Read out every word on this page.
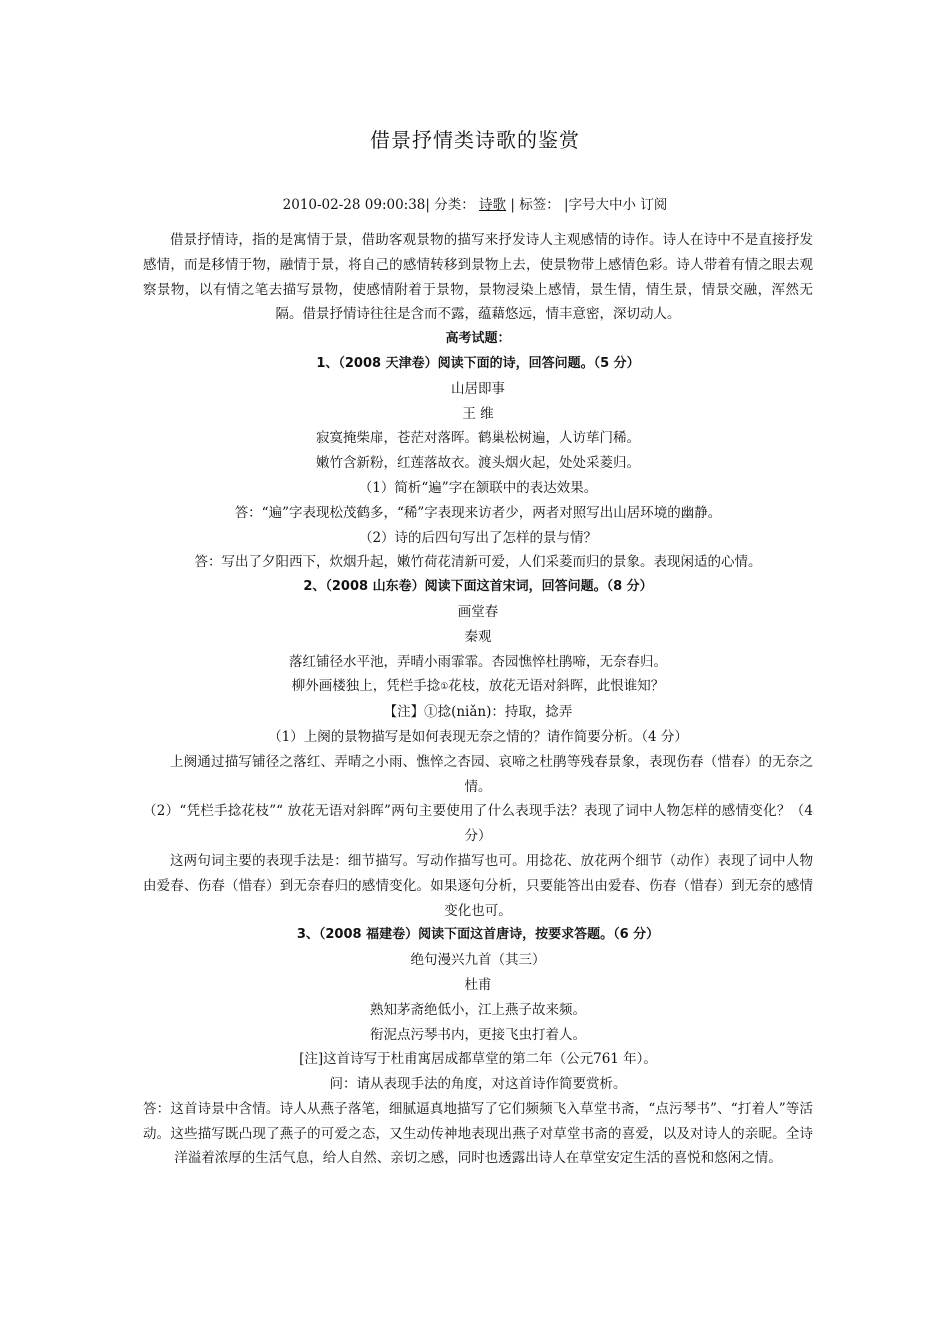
借景抒情类诗歌的鉴赏
2010-02-28 09:00:38| 分类： 诗歌 | 标签： |字号大中小 订阅

借景抒情诗，指的是寓情于景，借助客观景物的描写来抒发诗人主观感情的诗作。诗人在诗中不是直接抒发感情，而是移情于物，融情于景，将自己的感情转移到景物上去，使景物带上感情色彩。诗人带着有情之眼去观察景物，以有情之笔去描写景物，使感情附着于景物，景物浸染上感情，景生情，情生景，情景交融，浑然无隔。借景抒情诗往往是含而不露，蕴藉悠远，情丰意密，深切动人。

高考试题：

1、（2008 天津卷）阅读下面的诗，回答问题。（5 分）

山居即事

王 维

寂寞掩柴扉，苍茫对落晖。鹤巢松树遍，人访荜门稀。

嫩竹含新粉，红莲落故衣。渡头烟火起，处处采菱归。

（1）简析“遍”字在颔联中的表达效果。

答：“遍”字表现松茂鹤多，“稀”字表现来访者少，两者对照写出山居环境的幽静。

（2）诗的后四句写出了怎样的景与情？

答：写出了夕阳西下，炊烟升起，嫩竹荷花清新可爱，人们采菱而归的景象。表现闲适的心情。

2、（2008 山东卷）阅读下面这首宋词，回答问题。（8 分）

画堂春

秦观

落红铺径水平池，弄晴小雨霏霏。杏园憔悴杜鹃啼，无奈春归。

柳外画楼独上，凭栏手捻①花枝，放花无语对斜晖，此恨谁知？

【注】①捻(niǎn)：持取，捻弄

（1）上阕的景物描写是如何表现无奈之情的？请作简要分析。（4 分）

上阕通过描写铺径之落红、弄晴之小雨、憔悴之杏园、哀啼之杜鹃等残春景象，表现伤春（惜春）的无奈之情。

（2）“凭栏手捻花枝”“ 放花无语对斜晖”两句主要使用了什么表现手法？表现了词中人物怎样的感情变化？（4 分）

这两句词主要的表现手法是：细节描写。写动作描写也可。用捻花、放花两个细节（动作）表现了词中人物由爱春、伤春（惜春）到无奈春归的感情变化。如果逐句分析，只要能答出由爱春、伤春（惜春）到无奈的感情变化也可。

3、（2008 福建卷）阅读下面这首唐诗，按要求答题。（6 分）

绝句漫兴九首（其三）

杜甫

熟知茅斋绝低小，江上燕子故来频。

衔泥点污琴书内，更接飞虫打着人。

[注]这首诗写于杜甫寓居成都草堂的第二年（公元761 年）。

问：请从表现手法的角度，对这首诗作简要赏析。

答：这首诗景中含情。诗人从燕子落笔，细腻逼真地描写了它们频频飞入草堂书斋，“点污琴书”、“打着人”等活动。这些描写既凸现了燕子的可爱之态，又生动传神地表现出燕子对草堂书斋的喜爱，以及对诗人的亲昵。全诗洋溢着浓厚的生活气息，给人自然、亲切之感，同时也透露出诗人在草堂安定生活的喜悦和悠闲之情。
